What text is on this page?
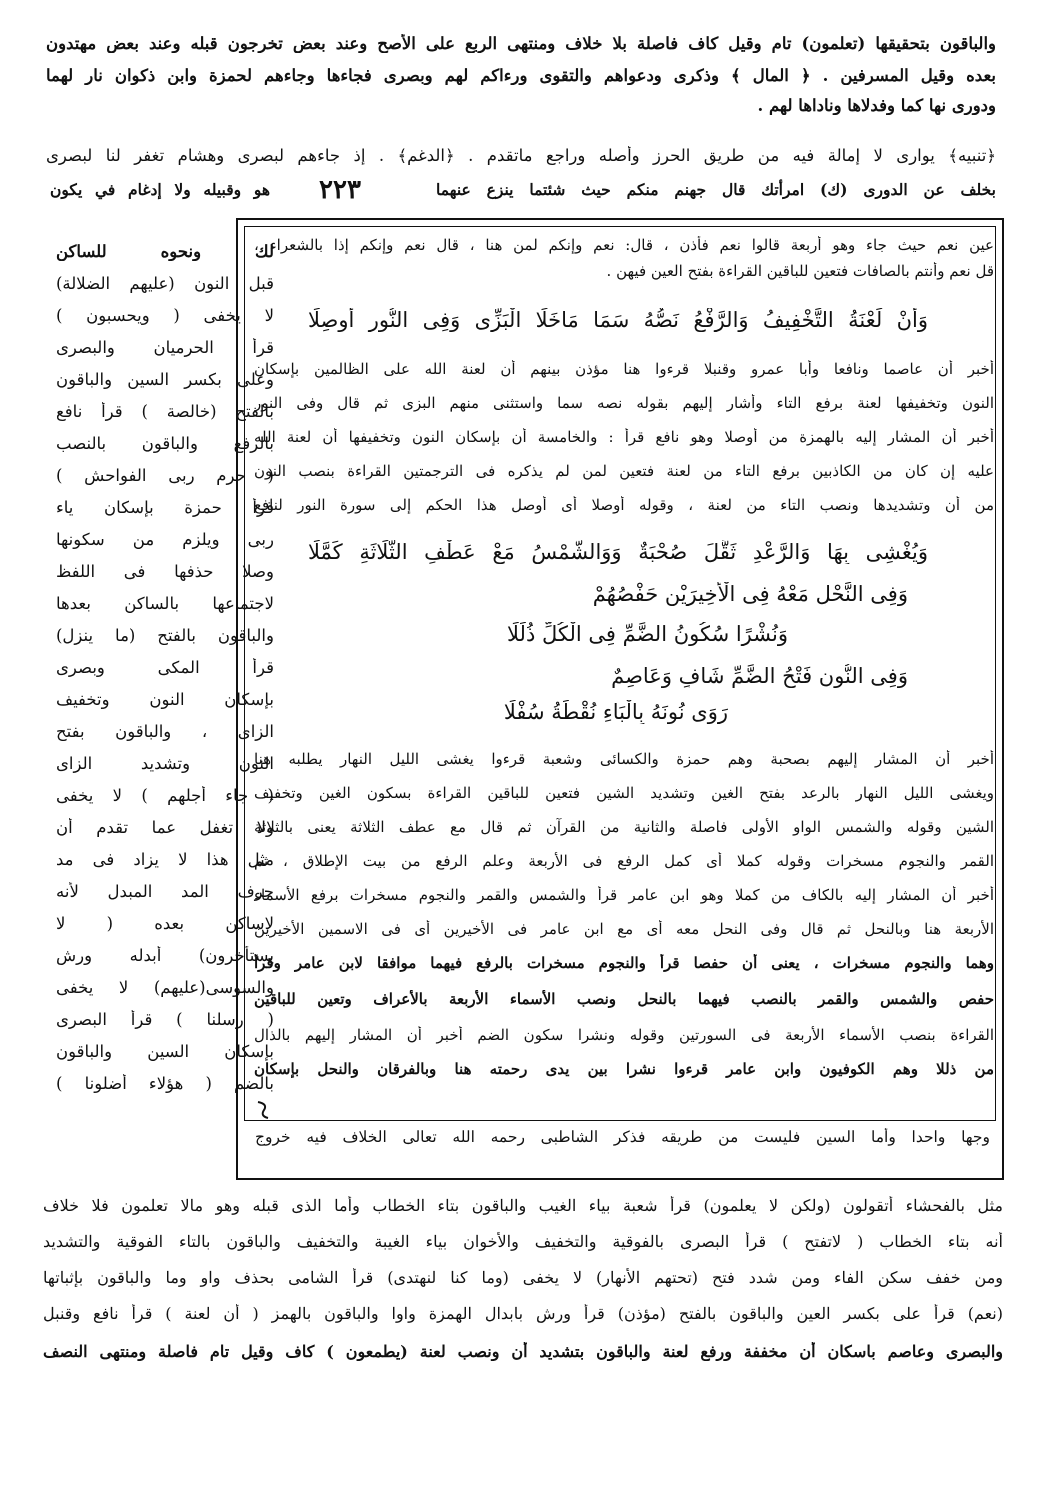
والباقون بتحقيقها (تعلمون) تام وقيل كاف فاصلة بلا خلاف ومنتهى الربع على الأصح وعند بعض تخرجون قبله وعند بعض مهتدون
بعده وقيل المسرفين . ﴿ المال ﴾ وذكرى ودعواهم والتقوى ورءاكم لهم وبصرى فجاءها وجاءهم لحمزة وابن ذكوان نار لهما
ودورى نها كما وفدلاها وناداها لهم .
﴿تنبيه﴾ يوارى لا إمالة فيه من طريق الحرز وأصله وراجع ماتقدم . ﴿الدغم﴾ . إذ جاءهم لبصرى وهشام تغفر لنا لبصرى
بخلف عن الدورى (ك) امرأتك قال جهنم منكم حيث شئتما ينزع عنهما
٢٢٣
هو وقبيله ولا إدغام في يكون
عين نعم حيث جاء وهو أربعة قالوا نعم فأذن ، قال: نعم وإنكم لمن هنا ، قال نعم وإنكم إذا بالشعراء ،
قل نعم وأنتم بالصافات فتعين للباقين القراءة بفتح العين فيهن .
وَأَنْ لَعْنَةُ التَّخْفِيفُ وَالرَّفْعُ نَصُّهُ سَمَا مَاخَلَا الْبَزِّى وَفِى النُّورِ أُوصِلَا
أخبر أن عاصما ونافعا وأبا عمرو وقنبلا قرءوا هنا مؤذن بينهم أن لعنة الله على الظالمين بإسكان
النون وتخفيفها لعنة برفع التاء وأشار إليهم بقوله نصه سما واستثنى منهم البزى ثم قال وفى النور
أخبر أن المشار إليه بالهمزة من أوصلا وهو نافع قرأ : والخامسة أن بإسكان النون وتخفيفها أن لعنة الله
عليه إن كان من الكاذبين برفع التاء من لعنة فتعين لمن لم يذكره فى الترجمتين القراءة بنصب النون
من أن وتشديدها ونصب التاء من لعنة ، وقوله أوصلا أى أوصل هذا الحكم إلى سورة النور لنافع
وَيُغْشِى بِهَا وَالرَّعْدِ ثَقَّلَ صُحْبَةٌ وَوَالشَّمْسُ مَعْ عَطْفِ الثَّلَاثَةِ كَمَّلَا
وَفِى النَّحْلِ مَعْهُ فِى الْأَخِيرَيْنِ حَفْصُهُمْ
وَنُشْرًا سُكُونُ الضَّمِّ فِى الْكُلِّ ذُلِّلَا
وَفِى النُّونِ فَتْحُ الضَّمِّ شَافٍ وَعَاصِمٌ
رَوَى نُونَهُ بِالْبَاءِ نُقْطَةُ سُفْلَا
أخبر أن المشار إليهم بصحبة وهم حمزة والكسائى وشعبة قرءوا يغشى الليل النهار يطلبه هنا
ويغشى الليل النهار بالرعد بفتح الغين وتشديد الشين فتعين للباقين القراءة بسكون الغين وتخفيف
الشين وقوله والشمس الواو الأولى فاصلة والثانية من القرآن ثم قال مع عطف الثلاثة يعنى بالثلاثة
القمر والنجوم مسخرات وقوله كملا أى كمل الرفع فى الأربعة وعلم الرفع من بيت الإطلاق ، ثم
أخبر أن المشار إليه بالكاف من كملا وهو ابن عامر قرأ والشمس والقمر والنجوم مسخرات برفع الأسماء
الأربعة هنا وبالنحل ثم قال وفى النحل معه أى مع ابن عامر فى الأخيرين أى فى الاسمين الأخيرين
وهما والنجوم مسخرات ، يعنى أن حفصا قرأ والنجوم مسخرات بالرفع فيهما موافقا لابن عامر وقرأ
حفص والشمس والقمر بالنصب فيهما بالنحل ونصب الأسماء الأربعة بالأعراف وتعين للباقين
القراءة بنصب الأسماء الأربعة فى السورتين وقوله ونشرا سكون الضم أخبر أن المشار إليهم بالذال
من ذللا وهم الكوفيون وابن عامر قرءوا نشرا بين يدى رحمته هنا وبالفرقان والنحل بإسكان
وجها واحدا وأما السين فليست من طريقه فذكر الشاطبى رحمه الله تعالى الخلاف فيه خروج
لك ونحوه للساكن
قبل النون (عليهم الضلالة)
لا يخفى ( ويحسبون )
قرأ الحرميان والبصرى
وعلى بكسر السين والباقون
بالفتح (خالصة ) قرأ نافع
بالرفع والباقون بالنصب
( حرم ربى الفواحش )
قرأ حمزة بإسكان ياء
ربى ويلزم من سكونها
وصلا حذفها فى اللفظ
لاجتماعها بالساكن بعدها
والباقون بالفتح (ما ينزل)
قرأ المكى وبصرى
بإسكان النون وتخفيف
الزاى ، والباقون بفتح
النون وتشديد الزاى
( جاء أجلهم ) لا يخفى
ولا تغفل عما تقدم أن
مثل هذا لا يزاد فى مد
حرف المد المبدل لأنه
لاساكن بعده ( لا
يستأخرون) أبدله ورش
والسوسى(عليهم) لا يخفى
( رسلنا ) قرأ البصرى
بإسكان السين والباقون
بالضم ( هؤلاء أضلونا )
مثل بالفحشاء أتقولون (ولكن لا يعلمون) قرأ شعبة بياء الغيب والباقون بتاء الخطاب وأما الذى قبله وهو مالا تعلمون فلا خلاف
أنه بتاء الخطاب ( لاتفتح ) قرأ البصرى بالفوقية والتخفيف والأخوان بياء الغيبة والتخفيف والباقون بالتاء الفوقية والتشديد
ومن خفف سكن الفاء ومن شدد فتح (تحتهم الأنهار) لا يخفى (وما كنا لنهتدى) قرأ الشامى بحذف واو وما والباقون بإثباتها
(نعم) قرأ على بكسر العين والباقون بالفتح (مؤذن) قرأ ورش بابدال الهمزة واوا والباقون بالهمز ( أن لعنة ) قرأ نافع وقنبل
والبصرى وعاصم باسكان أن مخففة ورفع لعنة والباقون بتشديد أن ونصب لعنة (يطمعون ) كاف وقيل تام فاصلة ومنتهى النصف
